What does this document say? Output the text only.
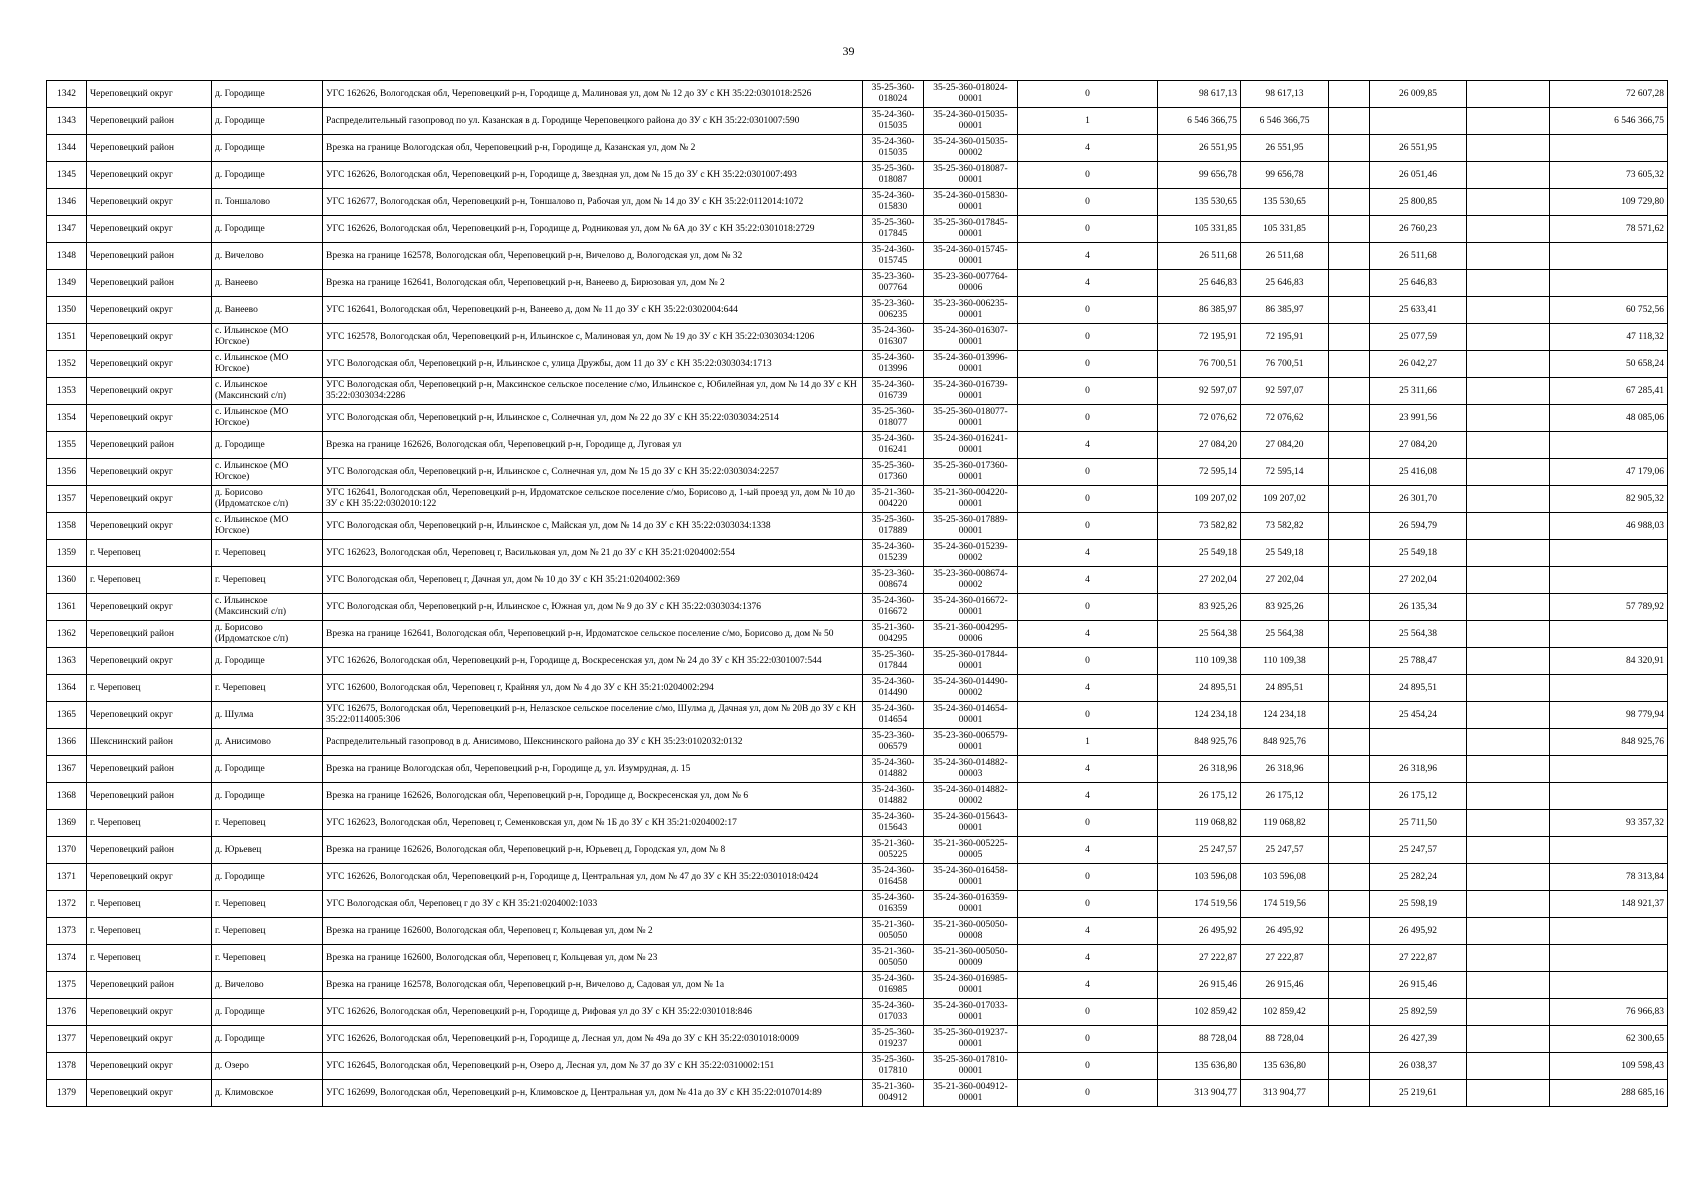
39
1342	Череповецкий округ	д. Городище	УГС 162626, Вологодская обл, Череповецкий р-н, Городище д, Малиновая ул, дом № 12 до ЗУ с КН 35:22:0301018:2526	35-25-360-018024	35-25-360-018024-00001	0	98 617,13	98 617,13		26 009,85		72 607,28
1343	Череповецкий район	д. Городище	Распределительный газопровод по ул. Казанская в д. Городище Череповецкого района до ЗУ с КН 35:22:0301007:590	35-24-360-015035	35-24-360-015035-00001	1	6 546 366,75	6 546 366,75				6 546 366,75
1344	Череповецкий район	д. Городище	Врезка на границе Вологодская обл, Череповецкий р-н, Городище д, Казанская ул, дом № 2	35-24-360-015035	35-24-360-015035-00002	4	26 551,95	26 551,95		26 551,95		
1345	Череповецкий округ	д. Городище	УГС 162626, Вологодская обл, Череповецкий р-н, Городище д, Звездная ул, дом № 15 до ЗУ с КН 35:22:0301007:493	35-25-360-018087	35-25-360-018087-00001	0	99 656,78	99 656,78		26 051,46		73 605,32
1346	Череповецкий округ	п. Тоншалово	УГС 162677, Вологодская обл, Череповецкий р-н, Тоншалово п, Рабочая ул, дом № 14 до ЗУ с КН 35:22:0112014:1072	35-24-360-015830	35-24-360-015830-00001	0	135 530,65	135 530,65		25 800,85		109 729,80
1347	Череповецкий округ	д. Городище	УГС 162626, Вологодская обл, Череповецкий р-н, Городище д, Родниковая ул, дом № 6А до ЗУ с КН 35:22:0301018:2729	35-25-360-017845	35-25-360-017845-00001	0	105 331,85	105 331,85		26 760,23		78 571,62
1348	Череповецкий район	д. Вичелово	Врезка на границе 162578, Вологодская обл, Череповецкий р-н, Вичелово д, Вологодская ул, дом № 32	35-24-360-015745	35-24-360-015745-00001	4	26 511,68	26 511,68		26 511,68		
1349	Череповецкий район	д. Ванеево	Врезка на границе 162641, Вологодская обл, Череповецкий р-н, Ванеево д, Бирюзовая ул, дом № 2	35-23-360-007764	35-23-360-007764-00006	4	25 646,83	25 646,83		25 646,83		
1350	Череповецкий округ	д. Ванеево	УГС 162641, Вологодская обл, Череповецкий р-н, Ванеево д, дом № 11 до ЗУ с КН 35:22:0302004:644	35-23-360-006235	35-23-360-006235-00001	0	86 385,97	86 385,97		25 633,41		60 752,56
1351	Череповецкий округ	с. Ильинское (МО Югское)	УГС 162578, Вологодская обл, Череповецкий р-н, Ильинское с, Малиновая ул, дом № 19 до ЗУ с КН 35:22:0303034:1206	35-24-360-016307	35-24-360-016307-00001	0	72 195,91	72 195,91		25 077,59		47 118,32
1352	Череповецкий округ	с. Ильинское (МО Югское)	УГС Вологодская обл, Череповецкий р-н, Ильинское с, улица Дружбы, дом 11 до ЗУ с КН 35:22:0303034:1713	35-24-360-013996	35-24-360-013996-00001	0	76 700,51	76 700,51		26 042,27		50 658,24
1353	Череповецкий округ	с. Ильинское (Максинский с/п)	УГС Вологодская обл, Череповецкий р-н, Максинское сельское поселение с/мо, Ильинское с, Юбилейная ул, дом № 14 до ЗУ с КН 35:22:0303034:2286	35-24-360-016739	35-24-360-016739-00001	0	92 597,07	92 597,07		25 311,66		67 285,41
1354	Череповецкий округ	с. Ильинское (МО Югское)	УГС Вологодская обл, Череповецкий р-н, Ильинское с, Солнечная ул, дом № 22 до ЗУ с КН 35:22:0303034:2514	35-25-360-018077	35-25-360-018077-00001	0	72 076,62	72 076,62		23 991,56		48 085,06
1355	Череповецкий район	д. Городище	Врезка на границе 162626, Вологодская обл, Череповецкий р-н, Городище д, Луговая ул	35-24-360-016241	35-24-360-016241-00001	4	27 084,20	27 084,20		27 084,20		
1356	Череповецкий округ	с. Ильинское (МО Югское)	УГС Вологодская обл, Череповецкий р-н, Ильинское с, Солнечная ул, дом № 15 до ЗУ с КН 35:22:0303034:2257	35-25-360-017360	35-25-360-017360-00001	0	72 595,14	72 595,14		25 416,08		47 179,06
1357	Череповецкий округ	д. Борисово (Ирдоматское с/п)	УГС 162641, Вологодская обл, Череповецкий р-н, Ирдоматское сельское поселение с/мо, Борисово д, 1-ый проезд ул, дом № 10 до ЗУ с КН 35:22:0302010:122	35-21-360-004220	35-21-360-004220-00001	0	109 207,02	109 207,02		26 301,70		82 905,32
1358	Череповецкий округ	с. Ильинское (МО Югское)	УГС Вологодская обл, Череповецкий р-н, Ильинское с, Майская ул, дом № 14 до ЗУ с КН 35:22:0303034:1338	35-25-360-017889	35-25-360-017889-00001	0	73 582,82	73 582,82		26 594,79		46 988,03
1359	г. Череповец	г. Череповец	УГС 162623, Вологодская обл, Череповец г, Васильковая ул, дом № 21 до ЗУ с КН 35:21:0204002:554	35-24-360-015239	35-24-360-015239-00002	4	25 549,18	25 549,18		25 549,18		
1360	г. Череповец	г. Череповец	УГС Вологодская обл, Череповец г, Дачная ул, дом № 10 до ЗУ с КН 35:21:0204002:369	35-23-360-008674	35-23-360-008674-00002	4	27 202,04	27 202,04		27 202,04		
1361	Череповецкий округ	с. Ильинское (Максинский с/п)	УГС Вологодская обл, Череповецкий р-н, Ильинское с, Южная ул, дом № 9 до ЗУ с КН 35:22:0303034:1376	35-24-360-016672	35-24-360-016672-00001	0	83 925,26	83 925,26		26 135,34		57 789,92
1362	Череповецкий район	д. Борисово (Ирдоматское с/п)	Врезка на границе 162641, Вологодская обл, Череповецкий р-н, Ирдоматское сельское поселение с/мо, Борисово д, дом № 50	35-21-360-004295	35-21-360-004295-00006	4	25 564,38	25 564,38		25 564,38		
1363	Череповецкий округ	д. Городище	УГС 162626, Вологодская обл, Череповецкий р-н, Городище д, Воскресенская ул, дом № 24 до ЗУ с КН 35:22:0301007:544	35-25-360-017844	35-25-360-017844-00001	0	110 109,38	110 109,38		25 788,47		84 320,91
1364	г. Череповец	г. Череповец	УГС 162600, Вологодская обл, Череповец г, Крайняя ул, дом № 4 до ЗУ с КН 35:21:0204002:294	35-24-360-014490	35-24-360-014490-00002	4	24 895,51	24 895,51		24 895,51		
1365	Череповецкий округ	д. Шулма	УГС 162675, Вологодская обл, Череповецкий р-н, Нелазское сельское поселение с/мо, Шулма д, Дачная ул, дом № 20В до ЗУ с КН 35:22:0114005:306	35-24-360-014654	35-24-360-014654-00001	0	124 234,18	124 234,18		25 454,24		98 779,94
1366	Шекснинский район	д. Анисимово	Распределительный газопровод в д. Анисимово, Шекснинского района до ЗУ с КН 35:23:0102032:0132	35-23-360-006579	35-23-360-006579-00001	1	848 925,76	848 925,76				848 925,76
1367	Череповецкий район	д. Городище	Врезка на границе Вологодская обл, Череповецкий р-н, Городище д, ул. Изумрудная, д. 15	35-24-360-014882	35-24-360-014882-00003	4	26 318,96	26 318,96		26 318,96		
1368	Череповецкий район	д. Городище	Врезка на границе 162626, Вологодская обл, Череповецкий р-н, Городище д, Воскресенская ул, дом № 6	35-24-360-014882	35-24-360-014882-00002	4	26 175,12	26 175,12		26 175,12		
1369	г. Череповец	г. Череповец	УГС 162623, Вологодская обл, Череповец г, Семенковская ул, дом № 1Б до ЗУ с КН 35:21:0204002:17	35-24-360-015643	35-24-360-015643-00001	0	119 068,82	119 068,82		25 711,50		93 357,32
1370	Череповецкий район	д. Юрьевец	Врезка на границе 162626, Вологодская обл, Череповецкий р-н, Юрьевец д, Городская ул, дом № 8	35-21-360-005225	35-21-360-005225-00005	4	25 247,57	25 247,57		25 247,57		
1371	Череповецкий округ	д. Городище	УГС 162626, Вологодская обл, Череповецкий р-н, Городище д, Центральная ул, дом № 47 до ЗУ с КН 35:22:0301018:0424	35-24-360-016458	35-24-360-016458-00001	0	103 596,08	103 596,08		25 282,24		78 313,84
1372	г. Череповец	г. Череповец	УГС Вологодская обл, Череповец г до ЗУ с КН 35:21:0204002:1033	35-24-360-016359	35-24-360-016359-00001	0	174 519,56	174 519,56		25 598,19		148 921,37
1373	г. Череповец	г. Череповец	Врезка на границе 162600, Вологодская обл, Череповец г, Кольцевая ул, дом № 2	35-21-360-005050	35-21-360-005050-00008	4	26 495,92	26 495,92		26 495,92		
1374	г. Череповец	г. Череповец	Врезка на границе 162600, Вологодская обл, Череповец г, Кольцевая ул, дом № 23	35-21-360-005050	35-21-360-005050-00009	4	27 222,87	27 222,87		27 222,87		
1375	Череповецкий район	д. Вичелово	Врезка на границе 162578, Вологодская обл, Череповецкий р-н, Вичелово д, Садовая ул, дом № 1а	35-24-360-016985	35-24-360-016985-00001	4	26 915,46	26 915,46		26 915,46		
1376	Череповецкий округ	д. Городище	УГС 162626, Вологодская обл, Череповецкий р-н, Городище д, Рифовая ул до ЗУ с КН 35:22:0301018:846	35-24-360-017033	35-24-360-017033-00001	0	102 859,42	102 859,42		25 892,59		76 966,83
1377	Череповецкий округ	д. Городище	УГС 162626, Вологодская обл, Череповецкий р-н, Городище д, Лесная ул, дом № 49а до ЗУ с КН 35:22:0301018:0009	35-25-360-019237	35-25-360-019237-00001	0	88 728,04	88 728,04		26 427,39		62 300,65
1378	Череповецкий округ	д. Озеро	УГС 162645, Вологодская обл, Череповецкий р-н, Озеро д, Лесная ул, дом № 37 до ЗУ с КН 35:22:0310002:151	35-25-360-017810	35-25-360-017810-00001	0	135 636,80	135 636,80		26 038,37		109 598,43
1379	Череповецкий округ	д. Климовское	УГС 162699, Вологодская обл, Череповецкий р-н, Климовское д, Центральная ул, дом № 41а до ЗУ с КН 35:22:0107014:89	35-21-360-004912	35-21-360-004912-00001	0	313 904,77	313 904,77		25 219,61		288 685,16
